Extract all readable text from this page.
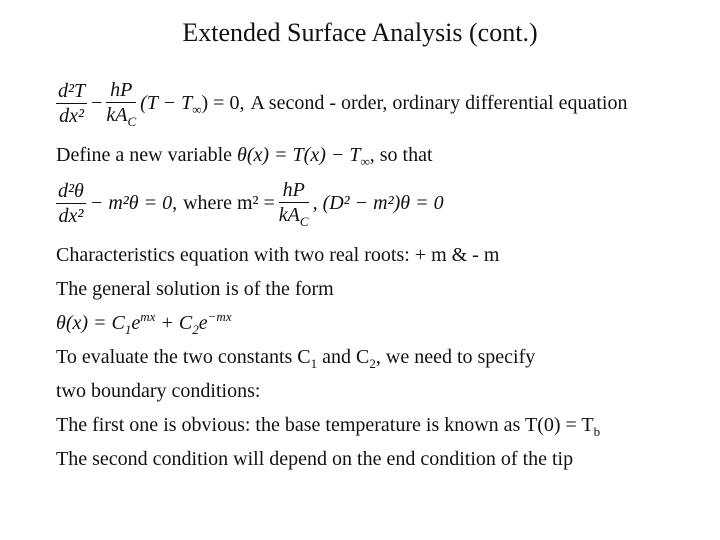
Extended Surface Analysis (cont.)
$\frac{\text{d²T}}{\text{dx²}} - \frac{hP}{kA_C} (T - T_\infty) = 0$, A second - order, ordinary differential equation
Define a new variable $\theta(x) = T(x) - T_\infty$, so that
$\frac{\text{d²θ}}{\text{dx²}} - m^2\theta = 0$, where $m^2 = \frac{hP}{kA_C}$ , (D² − m²)θ = 0
Characteristics equation with two real roots: + m & - m
The general solution is of the form
$\theta(x) = C_1e^{mx} + C_2e^{-mx}$
To evaluate the two constants $C_1$ and $C_2$, we need to specify
two boundary conditions:
The first one is obvious: the base temperature is known as $T(0) = T_b$
The second condition will depend on the end condition of the tip
